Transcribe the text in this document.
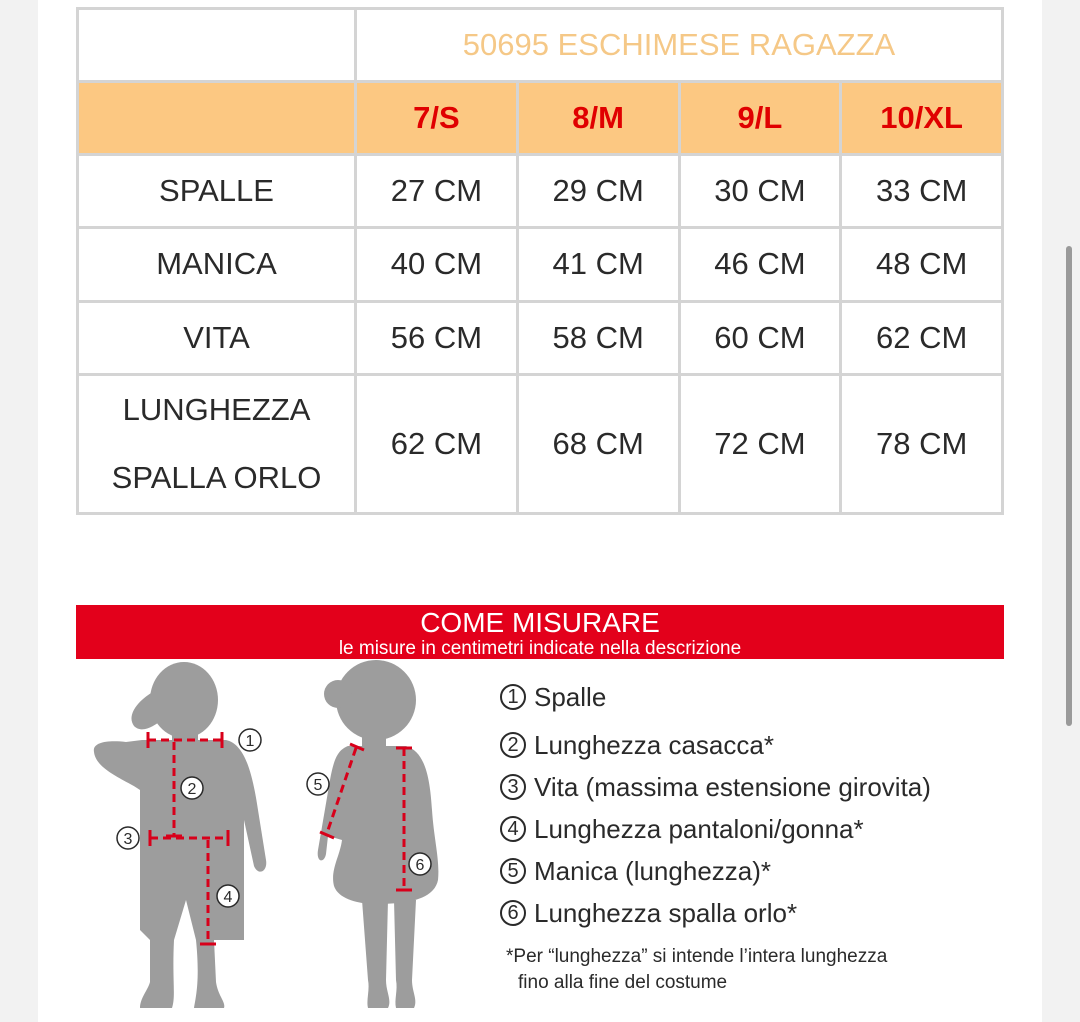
	50695 ESCHIMESE RAGAZZA			
	7/S	8/M	9/L	10/XL
SPALLE	27 CM	29 CM	30 CM	33 CM
MANICA	40 CM	41 CM	46 CM	48 CM
VITA	56 CM	58 CM	60 CM	62 CM

LUNGHEZZA
SPALLA ORLO	62 CM	68 CM	72 CM	78 CM
COME MISURARE
le misure in centimetri indicate nella descrizione
1
2
3
4
5
6
1 Spalle
2 Lunghezza casacca*
3 Vita (massima estensione girovita)
4 Lunghezza pantaloni/gonna*
5 Manica (lunghezza)*
6 Lunghezza spalla orlo*
*Per “lunghezza” si intende l’intera lunghezza
fino alla fine del costume
